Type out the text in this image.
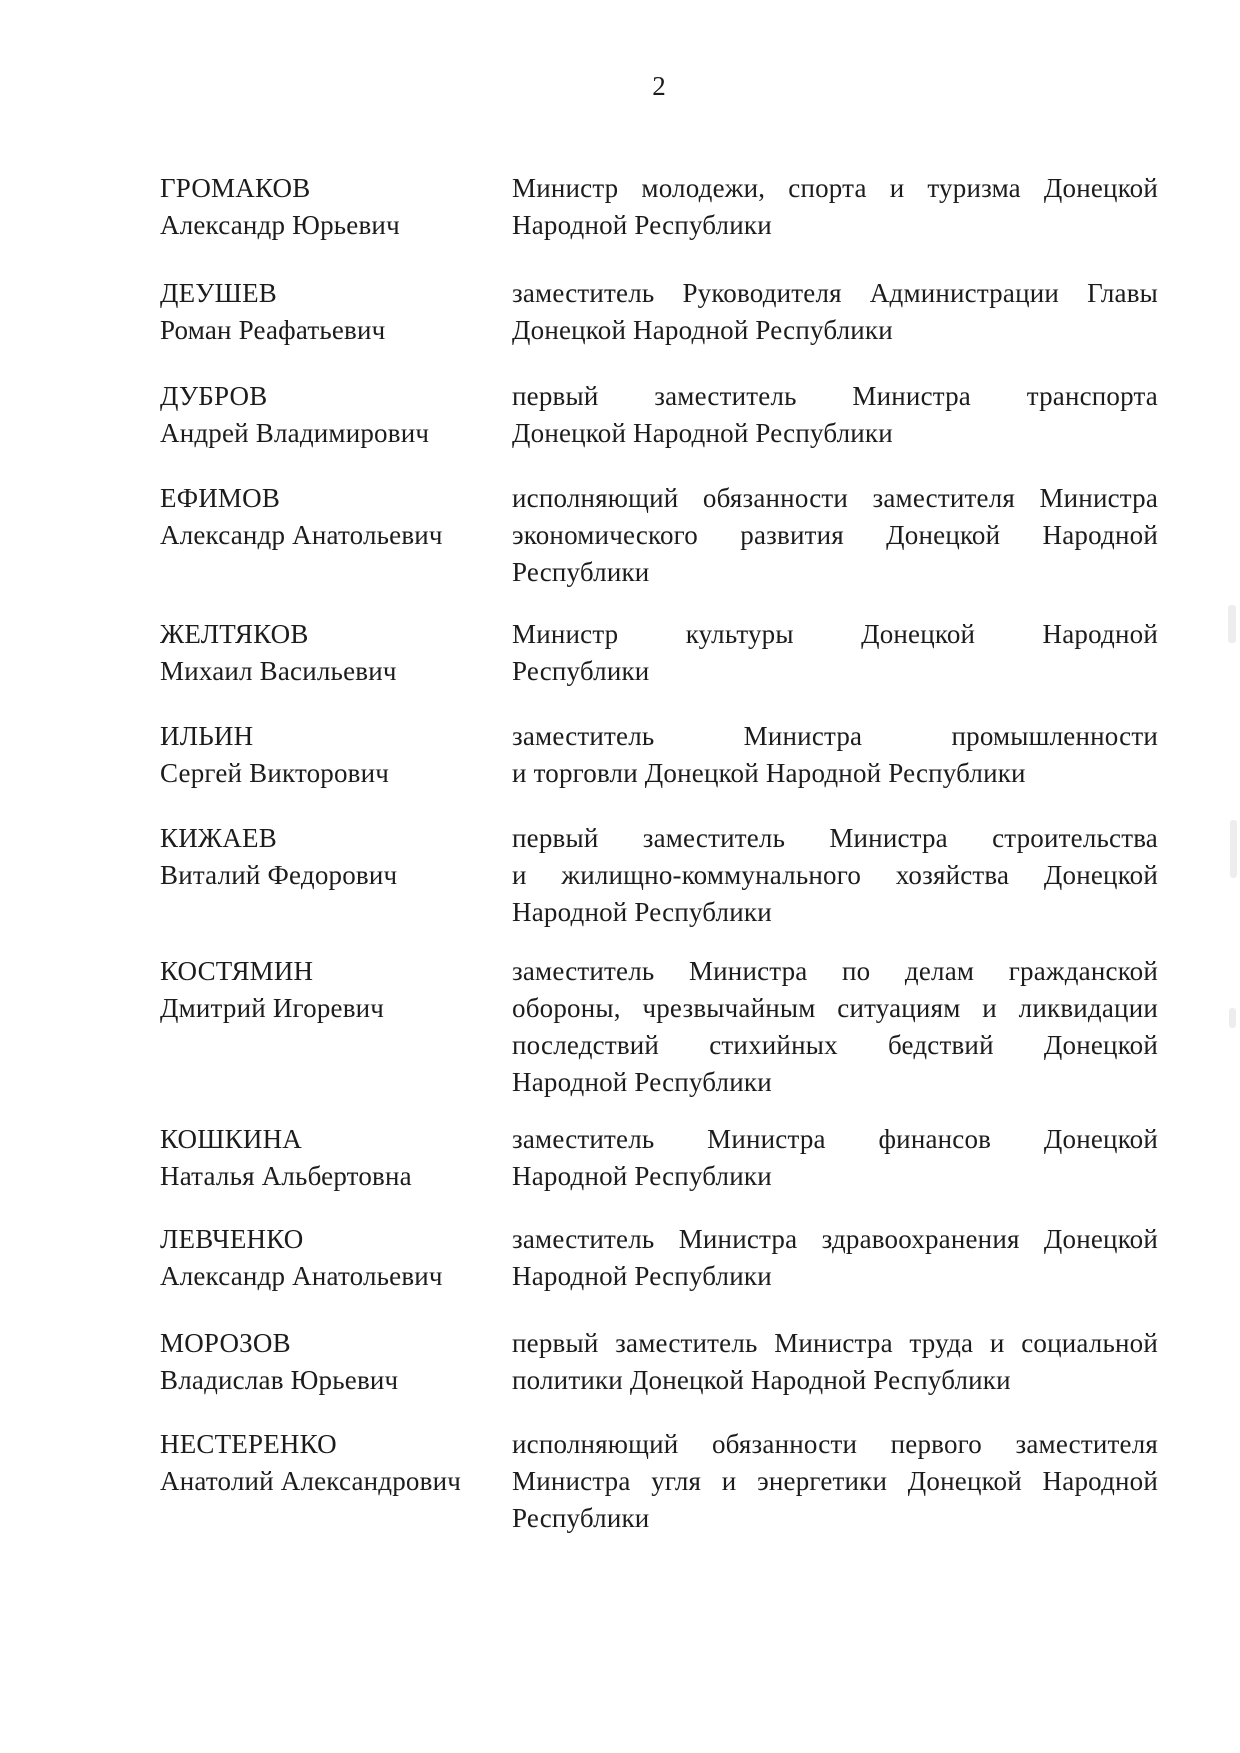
2
ГРОМАКОВ
Александр Юрьевич
Министр молодежи, спорта и туризма Донецкой
Народной Республики
ДЕУШЕВ
Роман Реафатьевич
заместитель Руководителя Администрации Главы
Донецкой Народной Республики
ДУБРОВ
Андрей Владимирович
первый заместитель Министра транспорта
Донецкой Народной Республики
ЕФИМОВ
Александр Анатольевич
исполняющий обязанности заместителя Министра
экономического развития Донецкой Народной
Республики
ЖЕЛТЯКОВ
Михаил Васильевич
Министр культуры Донецкой Народной
Республики
ИЛЬИН
Сергей Викторович
заместитель Министра промышленности
и торговли Донецкой Народной Республики
КИЖАЕВ
Виталий Федорович
первый заместитель Министра строительства
и жилищно-коммунального хозяйства Донецкой
Народной Республики
КОСТЯМИН
Дмитрий Игоревич
заместитель Министра по делам гражданской
обороны, чрезвычайным ситуациям и ликвидации
последствий стихийных бедствий Донецкой
Народной Республики
КОШКИНА
Наталья Альбертовна
заместитель Министра финансов Донецкой
Народной Республики
ЛЕВЧЕНКО
Александр Анатольевич
заместитель Министра здравоохранения Донецкой
Народной Республики
МОРОЗОВ
Владислав Юрьевич
первый заместитель Министра труда и социальной
политики Донецкой Народной Республики
НЕСТЕРЕНКО
Анатолий Александрович
исполняющий обязанности первого заместителя
Министра угля и энергетики Донецкой Народной
Республики
